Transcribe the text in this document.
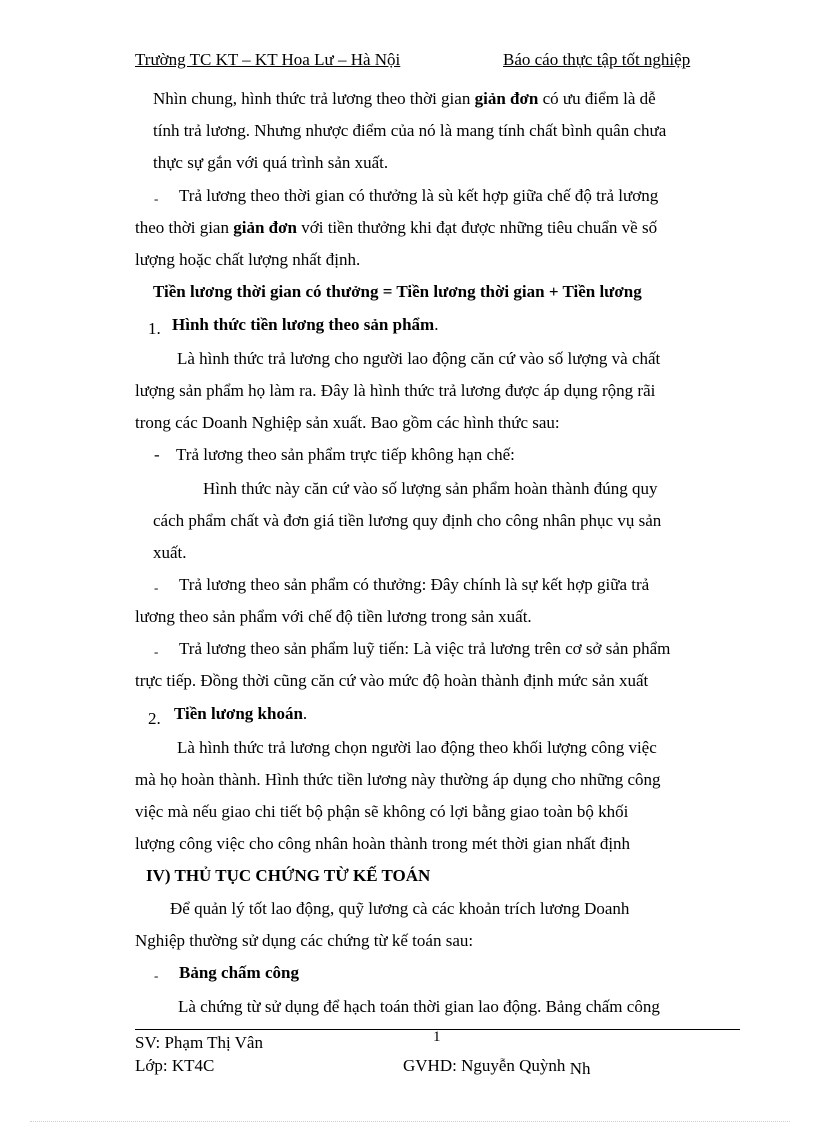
Trường TC KT – KT Hoa Lư – Hà Nội	Báo cáo thực tập tốt nghiệp
Nhìn chung, hình thức trả lương theo thời gian giản đơn có ưu điểm là dễ
tính trả lương. Nhưng nhược điểm của nó là mang tính chất bình quân chưa
thực sự gắn với quá trình sản xuất.
- Trả lương theo thời gian có thưởng là sù kết hợp giữa chế độ trả lương
theo thời gian giản đơn với tiền thưởng khi đạt được những tiêu chuẩn về số
lượng hoặc chất lượng nhất định.
Tiền lương thời gian có thưởng = Tiền lương thời gian + Tiền lương
1. Hình thức tiền lương theo sản phẩm.
Là hình thức trả lương cho người lao động căn cứ vào số lượng và chất
lượng sản phẩm họ làm ra. Đây là hình thức trả lương được áp dụng rộng rãi
trong các Doanh Nghiệp sản xuất. Bao gồm các hình thức sau:
- Trả lương theo sản phẩm trực tiếp không hạn chế:
Hình thức này căn cứ vào số lượng sản phẩm hoàn thành đúng quy
cách phẩm chất và đơn giá tiền lương quy định cho công nhân phục vụ sản
xuất.
- Trả lương theo sản phẩm có thưởng: Đây chính là sự kết hợp giữa trả
lương theo sản phẩm với chế độ tiền lương trong sản xuất.
- Trả lương theo sản phẩm luỹ tiến: Là việc trả lương trên cơ sở sản phẩm
trực tiếp. Đồng thời cũng căn cứ vào mức độ hoàn thành định mức sản xuất
2. Tiền lương khoán.
Là hình thức trả lương chọn người lao động theo khối lượng công việc
mà họ hoàn thành. Hình thức tiền lương này thường áp dụng cho những công
việc mà nếu giao chi tiết bộ phận sẽ không có lợi bằng giao toàn bộ khối
lượng công việc cho công nhân hoàn thành trong mét thời gian nhất định
IV) THỦ TỤC CHỨNG TỪ KẾ TOÁN
Để quản lý tốt lao động, quỹ lương cà các khoản trích lương Doanh
Nghiệp thường sử dụng các chứng từ kế toán sau:
- Bảng chấm công
Là chứng từ sử dụng để hạch toán thời gian lao động. Bảng chấm công
1
SV: Phạm Thị Vân
Lớp: KT4C	GVHD: Nguyễn Quỳnh Nh
